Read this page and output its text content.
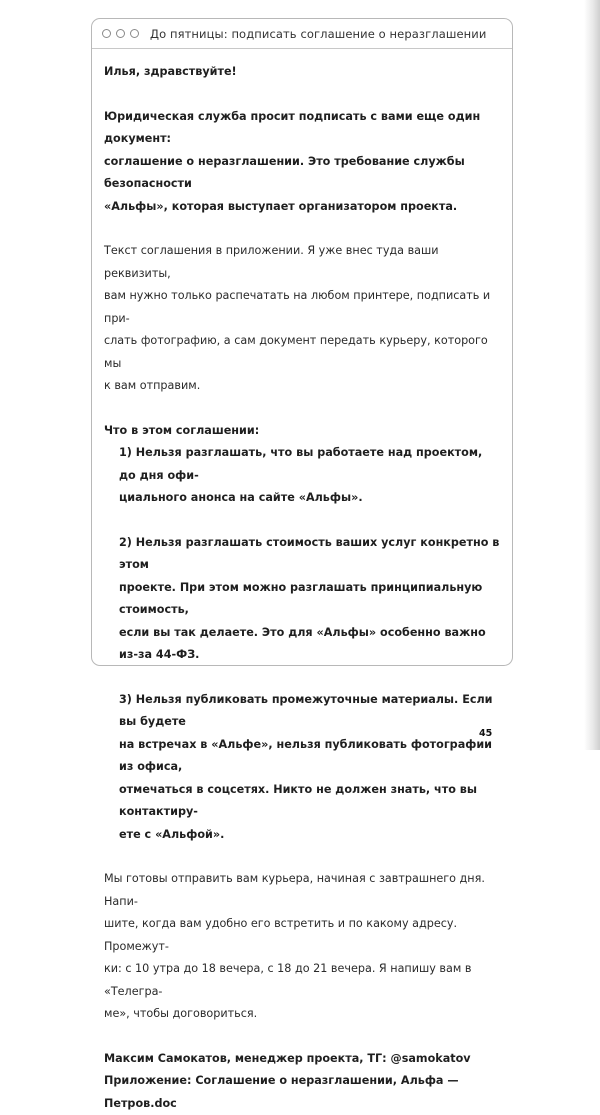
До пятницы: подписать соглашение о неразглашении

Илья, здравствуйте!

Юридическая служба просит подписать с вами еще один документ:

соглашение о неразглашении. Это требование службы безопасности

«Альфы», которая выступает организатором проекта.

Текст соглашения в приложении. Я уже внес туда ваши реквизиты,

вам нужно только распечатать на любом принтере, подписать и при-

слать фотографию, а сам документ передать курьеру, которого мы

к вам отправим.

Что в этом соглашении:

1) Нельзя разглашать, что вы работаете над проектом, до дня офи-

циального анонса на сайте «Альфы».

2) Нельзя разглашать стоимость ваших услуг конкретно в этом

проекте. При этом можно разглашать принципиальную стоимость,

если вы так делаете. Это для «Альфы» особенно важно из-за 44-ФЗ.

3) Нельзя публиковать промежуточные материалы. Если вы будете

на встречах в «Альфе», нельзя публиковать фотографии из офиса,

отмечаться в соцсетях. Никто не должен знать, что вы контактиру-

ете с «Альфой».

Мы готовы отправить вам курьера, начиная с завтрашнего дня. Напи-

шите, когда вам удобно его встретить и по какому адресу. Промежут-

ки: с 10 утра до 18 вечера, с 18 до 21 вечера. Я напишу вам в «Телегра-

ме», чтобы договориться.

Максим Самокатов, менеджер проекта, ТГ: @samokatov

Приложение: Соглашение о неразглашении, Альфа — Петров.doc

45
